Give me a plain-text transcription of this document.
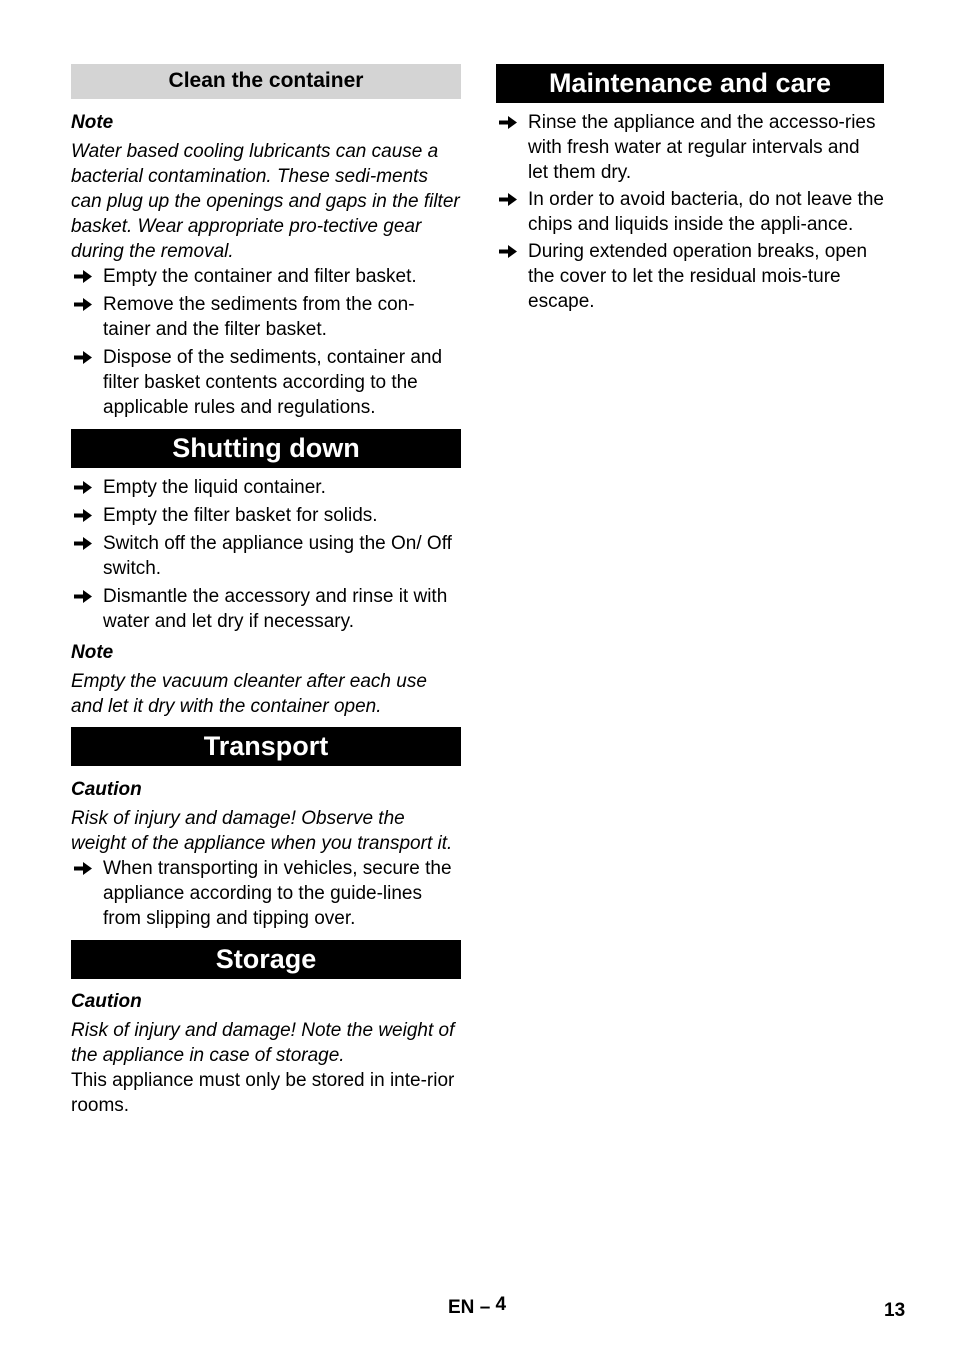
Clean the container

Note

Water based cooling lubricants can cause a bacterial contamination. These sedi-ments can plug up the openings and gaps in the filter basket. Wear appropriate pro-tective gear during the removal.

Empty the container and filter basket.
Remove the sediments from the con-tainer and the filter basket.
Dispose of the sediments, container and filter basket contents according to the applicable rules and regulations.
Shutting down
Empty the liquid container.
Empty the filter basket for solids.
Switch off the appliance using the On/ Off switch.
Dismantle the accessory and rinse it with water and let dry if necessary.

Note

Empty the vacuum cleanter after each use and let it dry with the container open.

Transport

Caution

Risk of injury and damage! Observe the weight of the appliance when you transport it.

When transporting in vehicles, secure the appliance according to the guide-lines from slipping and tipping over.
Storage

Caution

Risk of injury and damage! Note the weight of the appliance in case of storage.

This appliance must only be stored in inte-rior rooms.

Maintenance and care
Rinse the appliance and the accesso-ries with fresh water at regular intervals and let them dry.
In order to avoid bacteria, do not leave the chips and liquids inside the appli-ance.
During extended operation breaks, open the cover to let the residual mois-ture escape.
EN – 4	13
